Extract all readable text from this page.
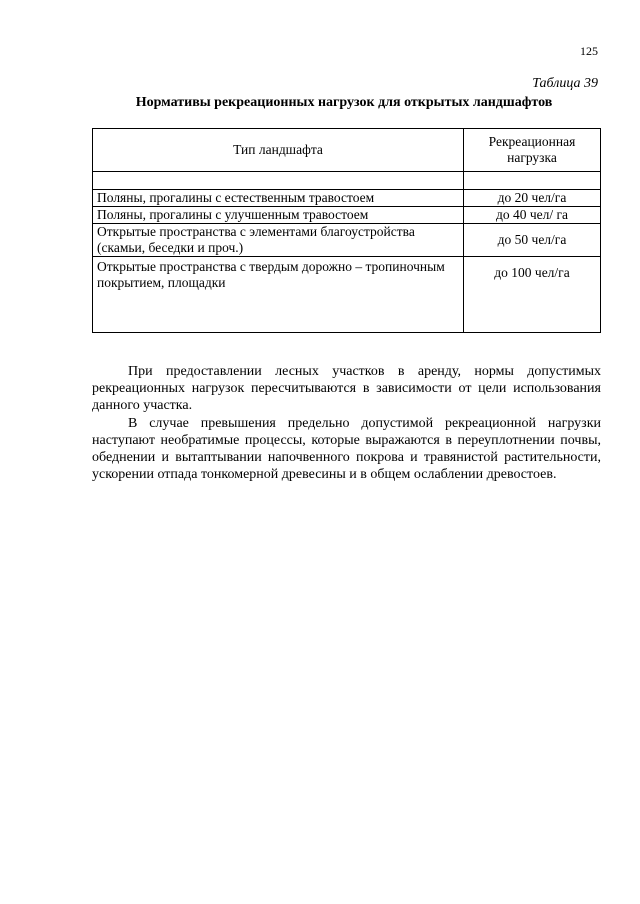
125
Таблица 39
Нормативы рекреационных нагрузок для открытых ландшафтов
Тип ландшафта	Рекреационная нагрузка

Поляны, прогалины с естественным травостоем	до 20 чел/га
Поляны, прогалины с улучшенным травостоем	до 40 чел/ га
Открытые пространства с элементами благоустройства (скамьи, беседки и проч.)	до 50 чел/га
Открытые пространства с твердым дорожно – тропиночным покрытием, площадки	до 100 чел/га

При предоставлении лесных участков в аренду, нормы допустимых рекреационных нагрузок пересчитываются в зависимости от цели использования данного участка.

В случае превышения предельно допустимой рекреационной нагрузки наступают необратимые процессы, которые выражаются в переуплотнении почвы, обеднении и вытаптывании напочвенного покрова и травянистой растительности, ускорении отпада тонкомерной древесины и в общем ослаблении древостоев.
